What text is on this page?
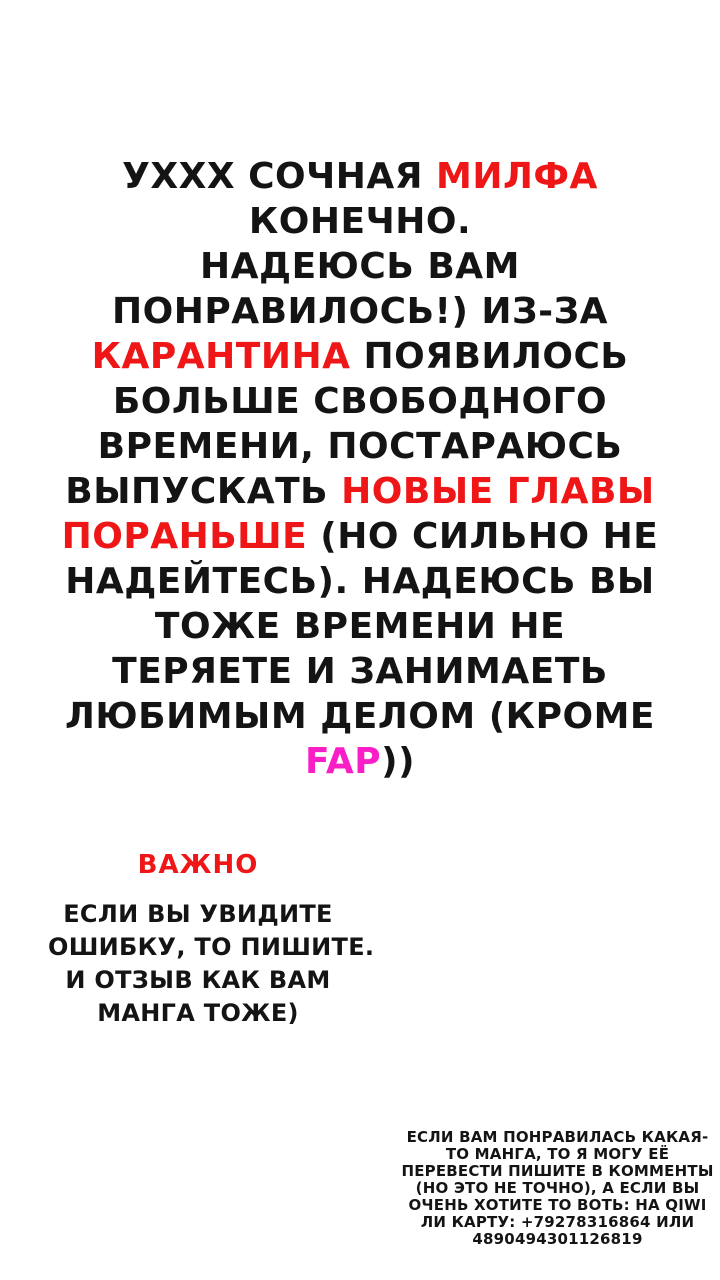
УХХХ СОЧНАЯ МИЛФА
КОНЕЧНО.
НАДЕЮСЬ ВАМ
ПОНРАВИЛОСЬ!) ИЗ-ЗА
КАРАНТИНА ПОЯВИЛОСЬ
БОЛЬШЕ СВОБОДНОГО
ВРЕМЕНИ, ПОСТАРАЮСЬ
ВЫПУСКАТЬ НОВЫЕ ГЛАВЫ
ПОРАНЬШЕ (НО СИЛЬНО НЕ
НАДЕЙТЕСЬ). НАДЕЮСЬ ВЫ
ТОЖЕ ВРЕМЕНИ НЕ
ТЕРЯЕТЕ И ЗАНИМАЕТЬ
ЛЮБИМЫМ ДЕЛОМ (КРОМЕ
FAP))
ВАЖНО
ЕСЛИ ВЫ УВИДИТЕ
ОШИБКУ, ТО ПИШИТЕ.
И ОТЗЫВ КАК ВАМ
МАНГА ТОЖЕ)
ЕСЛИ ВАМ ПОНРАВИЛАСЬ КАКАЯ-
ТО МАНГА, ТО Я МОГУ ЕЁ
ПЕРЕВЕСТИ ПИШИТЕ В КОММЕНТЫ
(НО ЭТО НЕ ТОЧНО), А ЕСЛИ ВЫ
ОЧЕНЬ ХОТИТЕ ТО ВОТЬ: НА QIWI
ЛИ КАРТУ: +79278316864 ИЛИ
4890494301126819
